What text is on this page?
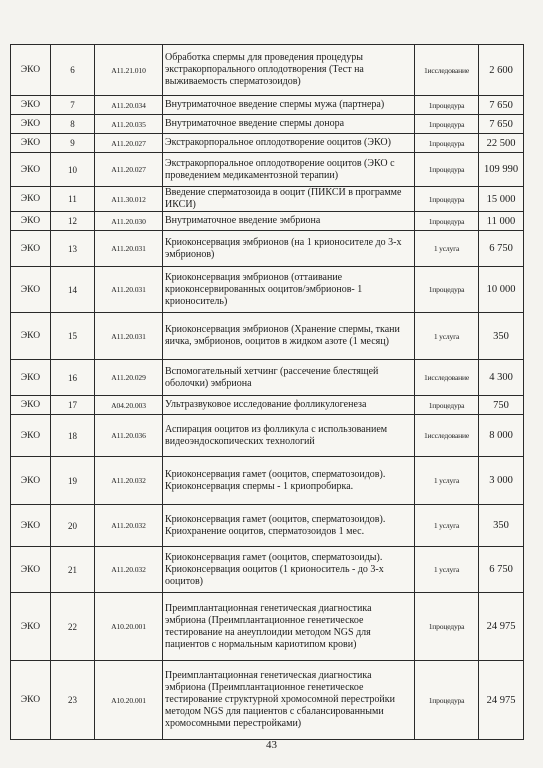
ЭКО	6	A11.21.010	Обработка спермы для проведения процедуры экстракорпорального оплодотворения (Тест на выживаемость сперматозоидов)	1исследование	2 600
ЭКО	7	A11.20.034	Внутриматочное введение спермы мужа (партнера)	1процедура	7 650
ЭКО	8	A11.20.035	Внутриматочное введение спермы донора	1процедура	7 650
ЭКО	9	A11.20.027	Экстракорпоральное оплодотворение ооцитов (ЭКО)	1процедура	22 500
ЭКО	10	A11.20.027	Экстракорпоральное оплодотворение ооцитов (ЭКО с проведением медикаментозной терапии)	1процедура	109 990
ЭКО	11	A11.30.012	Введение сперматозоида в ооцит (ПИКСИ в программе ИКСИ)	1процедура	15 000
ЭКО	12	A11.20.030	Внутриматочное введение эмбриона	1процедура	11 000
ЭКО	13	A11.20.031	Криоконсервация эмбрионов (на 1 крионосителе до 3-х эмбрионов)	1 услуга	6 750
ЭКО	14	A11.20.031	Криоконсервация эмбрионов (оттаивание криоконсервированных ооцитов/эмбрионов- 1 крионоситель)	1процедура	10 000
ЭКО	15	A11.20.031	Криоконсервация эмбрионов (Хранение спермы, ткани яичка, эмбрионов, ооцитов в жидком азоте (1 месяц)	1 услуга	350
ЭКО	16	A11.20.029	Вспомогательный хетчинг (рассечение блестящей оболочки) эмбриона	1исследование	4 300
ЭКО	17	A04.20.003	Ультразвуковое исследование фолликулогенеза	1процедура	750
ЭКО	18	A11.20.036	Аспирация ооцитов из фолликула с использованием видеоэндоскопических технологий	1исследование	8 000
ЭКО	19	A11.20.032	Криоконсервация гамет (ооцитов, сперматозоидов). Криоконсервация спермы - 1 криопробирка.	1 услуга	3 000
ЭКО	20	A11.20.032	Криоконсервация гамет (ооцитов, сперматозоидов). Криохранение ооцитов, сперматозоидов 1 мес.	1 услуга	350
ЭКО	21	A11.20.032	Криоконсервация гамет (ооцитов, сперматозоиды). Криоконсервация ооцитов (1 крионоситель - до 3-х ооцитов)	1 услуга	6 750
ЭКО	22	A10.20.001	Преимплантационная генетическая диагностика эмбриона (Преимплантационное генетическое тестирование на анеуплоидии методом NGS для пациентов с нормальным кариотипом крови)	1процедура	24 975
ЭКО	23	A10.20.001	Преимплантационная генетическая диагностика эмбриона (Преимплантационное генетическое тестирование структурной хромосомной перестройки методом NGS для пациентов с сбалансированными хромосомными перестройками)	1процедура	24 975
43
